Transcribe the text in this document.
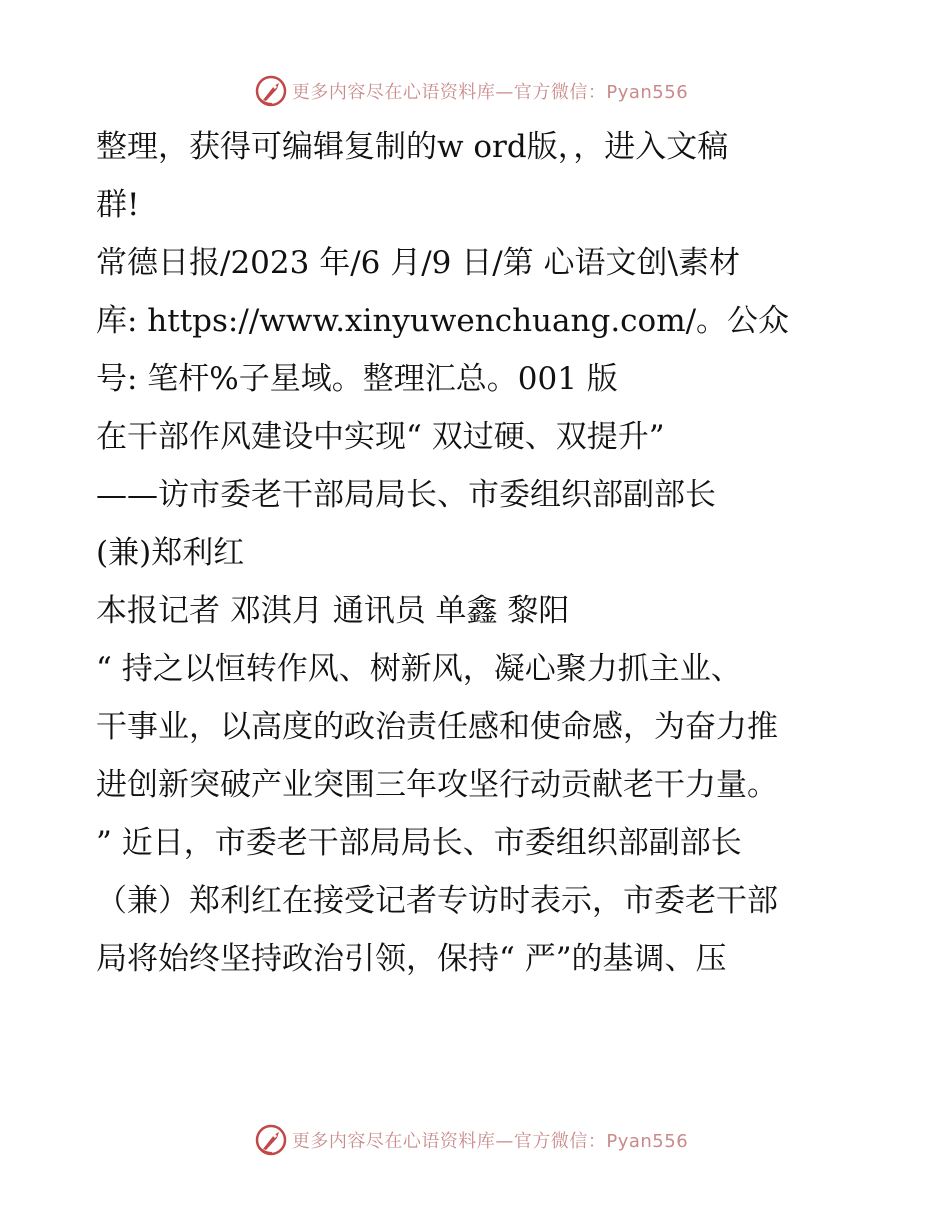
更多内容尽在心语资料库—官方微信：Pyan556
整理，获得可编辑复制的w ord版，，进入文稿
群!
常德日报/2023 年/6 月/9 日/第 心语文创\素材
库: https://www.xinyuwenchuang.com/。公众
号: 笔杆%子星域。整理汇总。001 版
在干部作风建设中实现“ 双过硬、双提升”
——访市委老干部局局长、市委组织部副部长
(兼)郑利红
本报记者 邓淇月 通讯员 单鑫 黎阳
“ 持之以恒转作风、树新风，凝心聚力抓主业、
干事业，以高度的政治责任感和使命感，为奋力推
进创新突破产业突围三年攻坚行动贡献老干力量。
” 近日，市委老干部局局长、市委组织部副部长
（兼）郑利红在接受记者专访时表示，市委老干部
局将始终坚持政治引领，保持“ 严”的基调、压
更多内容尽在心语资料库—官方微信：Pyan556
